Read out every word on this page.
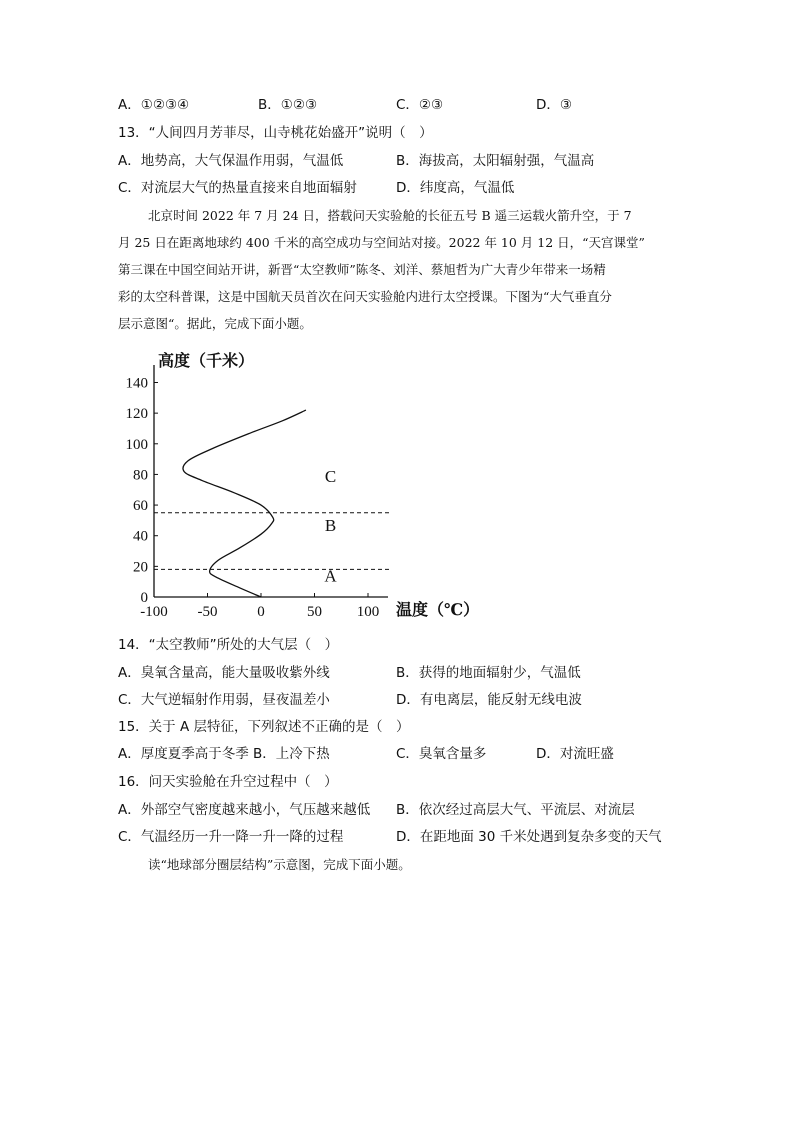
A．①②③④	B．①②③	C．②③	D．③
13．“人间四月芳菲尽，山寺桃花始盛开”说明（　）
A．地势高，大气保温作用弱，气温低	B．海拔高，太阳辐射强，气温高
C．对流层大气的热量直接来自地面辐射	D．纬度高，气温低
北京时间 2022 年 7 月 24 日，搭载问天实验舱的长征五号 B 遥三运载火箭升空，于 7
月 25 日在距离地球约 400 千米的高空成功与空间站对接。2022 年 10 月 12 日，“天宫课堂”
第三课在中国空间站开讲，新晋“太空教师”陈冬、刘洋、蔡旭哲为广大青少年带来一场精
彩的太空科普课，这是中国航天员首次在问天实验舱内进行太空授课。下图为“大气垂直分
层示意图“。据此，完成下面小题。
0
20
40
60
80
100
120
140
-100 -50	0	50 100
A
B
C
高度（千米）
温度（℃）
14．“太空教师”所处的大气层（　）
A．臭氧含量高，能大量吸收紫外线	B．获得的地面辐射少，气温低
C．大气逆辐射作用弱，昼夜温差小	D．有电离层，能反射无线电波
15．关于 A 层特征，下列叙述不正确的是（　）
A．厚度夏季高于冬季 B．上冷下热	C．臭氧含量多	D．对流旺盛
16．问天实验舱在升空过程中（　）
A．外部空气密度越来越小，气压越来越低 B．依次经过高层大气、平流层、对流层
C．气温经历一升一降一升一降的过程	D．在距地面 30 千米处遇到复杂多变的天气
读“地球部分圈层结构”示意图，完成下面小题。
